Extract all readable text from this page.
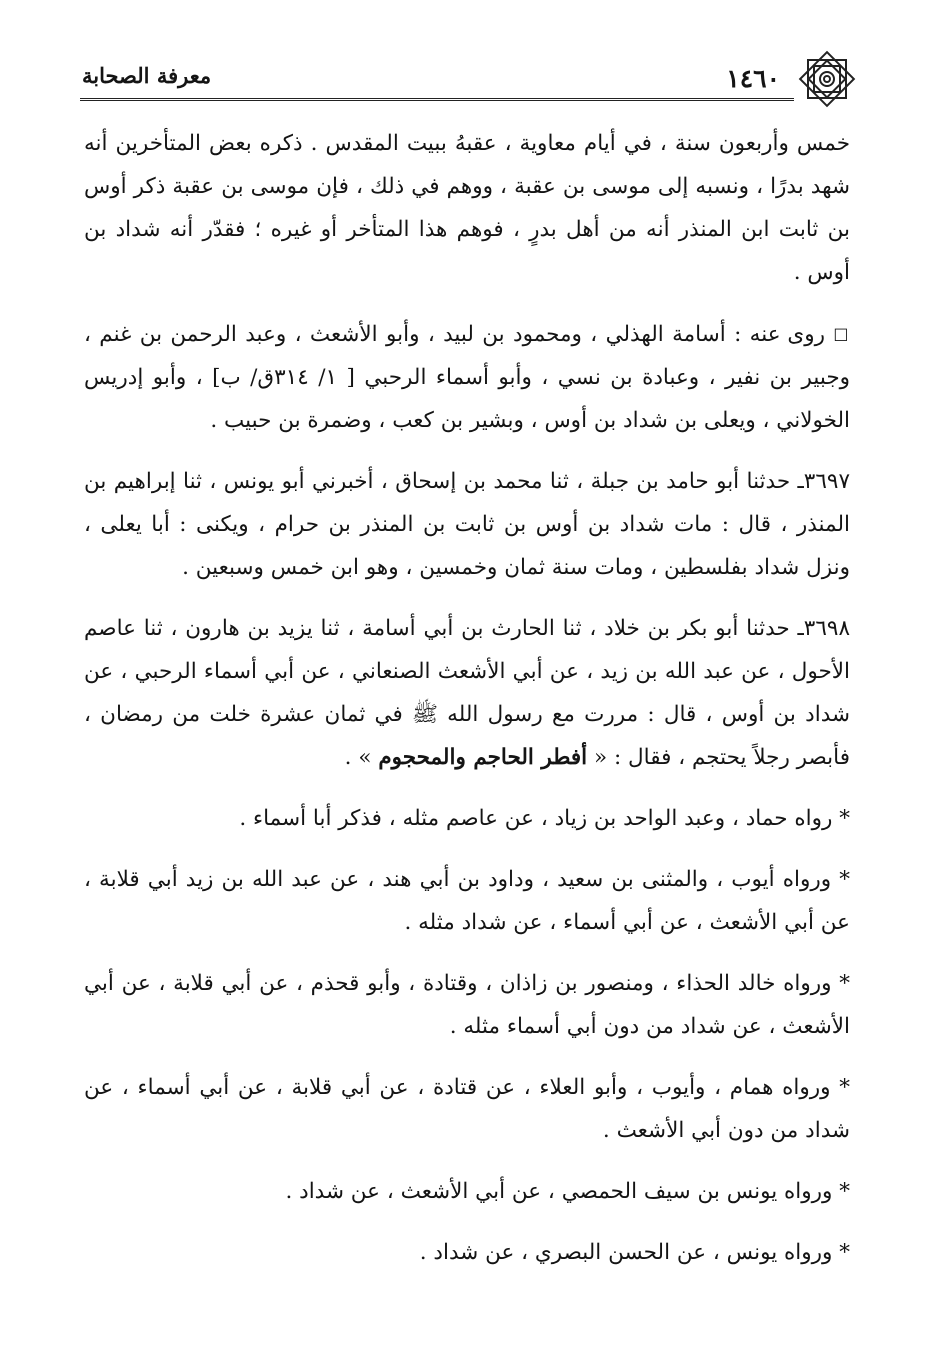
١٤٦٠
معرفة الصحابة

خمس وأربعون سنة ، في أيام معاوية ، عقبهُ ببيت المقدس . ذكره بعض المتأخرين أنه شهد بدرًا ، ونسبه إلى موسى بن عقبة ، ووهم في ذلك ، فإن موسى بن عقبة ذكر أوس بن ثابت ابن المنذر أنه من أهل بدرٍ ، فوهم هذا المتأخر أو غيره ؛ فقدّر أنه شداد بن أوس .

□ روى عنه : أسامة الهذلي ، ومحمود بن لبيد ، وأبو الأشعث ، وعبد الرحمن بن غنم ، وجبير بن نفير ، وعبادة بن نسي ، وأبو أسماء الرحبي [ ١/ ٣١٤ق/ ب] ، وأبو إدريس الخولاني ، ويعلى بن شداد بن أوس ، وبشير بن كعب ، وضمرة بن حبيب .

٣٦٩٧ـ حدثنا أبو حامد بن جبلة ، ثنا محمد بن إسحاق ، أخبرني أبو يونس ، ثنا إبراهيم بن المنذر ، قال : مات شداد بن أوس بن ثابت بن المنذر بن حرام ، ويكنى : أبا يعلى ، ونزل شداد بفلسطين ، ومات سنة ثمان وخمسين ، وهو ابن خمس وسبعين .

٣٦٩٨ـ حدثنا أبو بكر بن خلاد ، ثنا الحارث بن أبي أسامة ، ثنا يزيد بن هارون ، ثنا عاصم الأحول ، عن عبد الله بن زيد ، عن أبي الأشعث الصنعاني ، عن أبي أسماء الرحبي ، عن شداد بن أوس ، قال : مررت مع رسول الله ﷺ في ثمان عشرة خلت من رمضان ، فأبصر رجلاً يحتجم ، فقال : « أفطر الحاجم والمحجوم » .

* رواه حماد ، وعبد الواحد بن زياد ، عن عاصم مثله ، فذكر أبا أسماء .

* ورواه أيوب ، والمثنى بن سعيد ، وداود بن أبي هند ، عن عبد الله بن زيد أبي قلابة ، عن أبي الأشعث ، عن أبي أسماء ، عن شداد مثله .

* ورواه خالد الحذاء ، ومنصور بن زاذان ، وقتادة ، وأبو قحذم ، عن أبي قلابة ، عن أبي الأشعث ، عن شداد من دون أبي أسماء مثله .

* ورواه همام ، وأيوب ، وأبو العلاء ، عن قتادة ، عن أبي قلابة ، عن أبي أسماء ، عن شداد من دون أبي الأشعث .

* ورواه يونس بن سيف الحمصي ، عن أبي الأشعث ، عن شداد .

* ورواه يونس ، عن الحسن البصري ، عن شداد .
